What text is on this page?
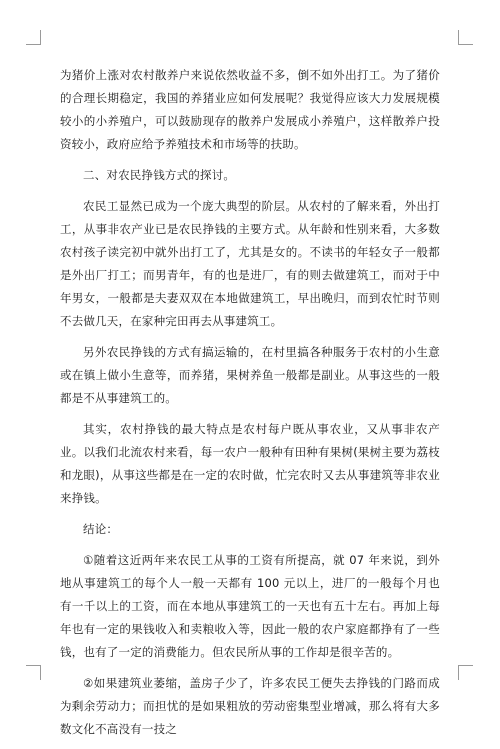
为猪价上涨对农村散养户来说依然收益不多，倒不如外出打工。为了猪价的合理长期稳定，我国的养猪业应如何发展呢？我觉得应该大力发展规模较小的小养殖户，可以鼓励现存的散养户发展成小养殖户，这样散养户投资较小，政府应给予养殖技术和市场等的扶助。

二、对农民挣钱方式的探讨。

农民工显然已成为一个庞大典型的阶层。从农村的了解来看，外出打工，从事非农产业已是农民挣钱的主要方式。从年龄和性别来看，大多数农村孩子读完初中就外出打工了，尤其是女的。不读书的年轻女子一般都是外出厂打工；而男青年，有的也是进厂，有的则去做建筑工，而对于中年男女，一般都是夫妻双双在本地做建筑工，早出晚归，而到农忙时节则不去做几天，在家种完田再去从事建筑工。

另外农民挣钱的方式有搞运输的，在村里搞各种服务于农村的小生意或在镇上做小生意等，而养猪，果树养鱼一般都是副业。从事这些的一般都是不从事建筑工的。

其实，农村挣钱的最大特点是农村每户既从事农业，又从事非农产业。以我们北流农村来看，每一农户一般种有田种有果树(果树主要为荔枝和龙眼)，从事这些都是在一定的农时做，忙完农时又去从事建筑等非农业来挣钱。

结论：

①随着这近两年来农民工从事的工资有所提高，就 07 年来说，到外地从事建筑工的每个人一般一天都有 100 元以上，进厂的一般每个月也有一千以上的工资，而在本地从事建筑工的一天也有五十左右。再加上每年也有一定的果钱收入和卖粮收入等，因此一般的农户家庭都挣有了一些钱，也有了一定的消费能力。但农民所从事的工作却是很辛苦的。

②如果建筑业萎缩，盖房子少了，许多农民工便失去挣钱的门路而成为剩余劳动力；而担忧的是如果粗放的劳动密集型业增减，那么将有大多数文化不高没有一技之
